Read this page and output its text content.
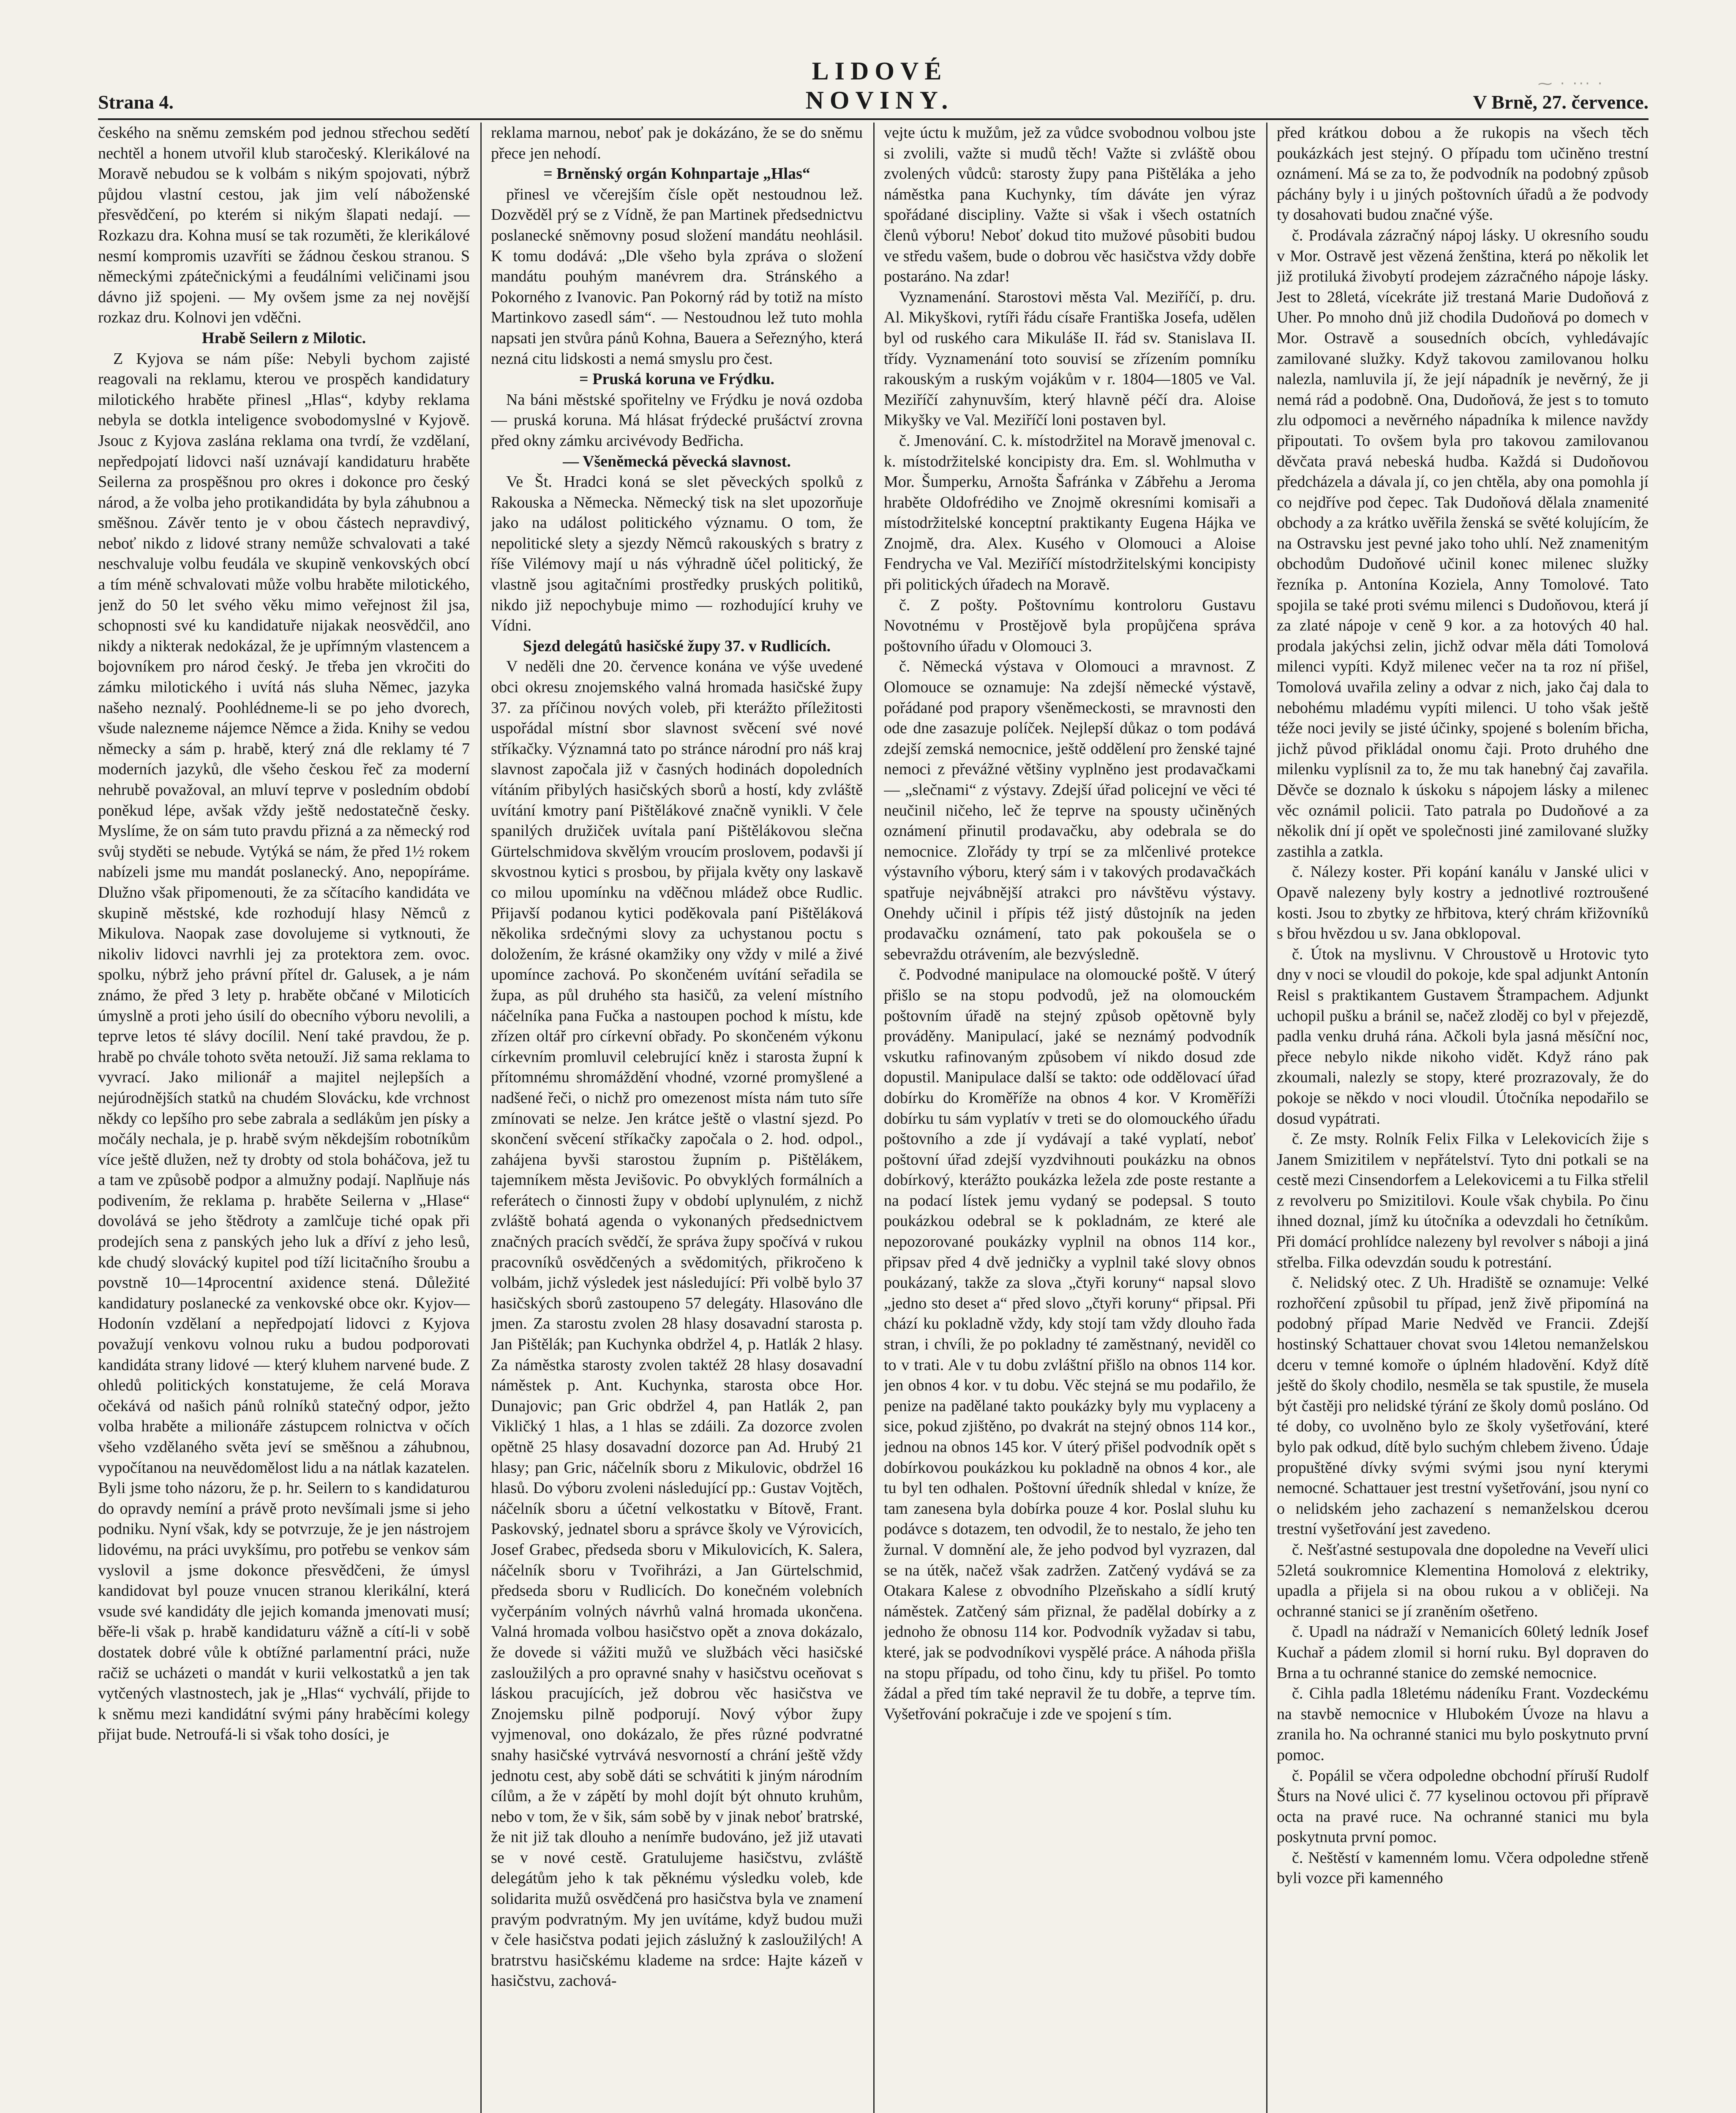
⁓ · ··· ·
Strana 4.
LIDOVÉ NOVINY.	V Brně, 27. července.

českého na sněmu zemském pod jednou střechou sedětí nechtěl a honem utvořil klub staročeský. Klerikálové na Moravě nebudou se k volbám s nikým spojovati, nýbrž půjdou vlastní cestou, jak jim velí náboženské přesvědčení, po kterém si nikým šlapati nedají. — Rozkazu dra. Kohna musí se tak rozuměti, že klerikálové nesmí kompromis uzavříti se žádnou českou stranou. S německými zpátečnickými a feudálními veličinami jsou dávno již spojeni. — My ovšem jsme za nej novější rozkaz dru. Kolnovi jen vděčni.

Hrabě Seilern z Milotic.

Z Kyjova se nám píše: Nebyli bychom zajisté reagovali na reklamu, kterou ve prospěch kandidatury milotického hraběte přinesl „Hlas“, kdyby reklama nebyla se dotkla inteligence svobodomyslné v Kyjově. Jsouc z Kyjova zaslána reklama ona tvrdí, že vzdělaní, nepředpojatí lidovci naší uznávají kandidaturu hraběte Seilerna za prospěšnou pro okres i dokonce pro český národ, a že volba jeho protikandidáta by byla záhubnou a směšnou. Závěr tento je v obou částech nepravdivý, neboť nikdo z lidové strany nemůže schvalovati a také neschvaluje volbu feudála ve skupině venkovských obcí a tím méně schvalovati může volbu hraběte milotického, jenž do 50 let svého věku mimo veřejnost žil jsa, schopnosti své ku kandidatuře nijakak neosvědčil, ano nikdy a nikterak nedokázal, že je upřímným vlastencem a bojovníkem pro národ český. Je třeba jen vkročiti do zámku milotického i uvítá nás sluha Němec, jazyka našeho neznalý. Poohlédneme-li se po jeho dvorech, všude nalezneme nájemce Němce a žida. Knihy se vedou německy a sám p. hrabě, který zná dle reklamy té 7 moderních jazyků, dle všeho českou řeč za moderní nehrubě považoval, an mluví teprve v posledním období poněkud lépe, avšak vždy ještě nedostatečně česky. Myslíme, že on sám tuto pravdu přizná a za německý rod svůj styděti se nebude. Vytýká se nám, že před 1½ rokem nabízeli jsme mu mandát poslanecký. Ano, nepopíráme. Dlužno však připomenouti, že za sčítacího kandidáta ve skupině městské, kde rozhodují hlasy Němců z Mikulova. Naopak zase dovolujeme si vytknouti, že nikoliv lidovci navrhli jej za protektora zem. ovoc. spolku, nýbrž jeho právní přítel dr. Galusek, a je nám známo, že před 3 lety p. hraběte občané v Miloticích úmyslně a proti jeho úsilí do obecního výboru nevolili, a teprve letos té slávy docílil. Není také pravdou, že p. hrabě po chvále tohoto světa netouží. Již sama reklama to vyvrací. Jako milionář a majitel nejlepších a nejúrodnějších statků na chudém Slovácku, kde vrchnost někdy co lepšího pro sebe zabrala a sedlákům jen písky a močály nechala, je p. hrabě svým někdejším robotníkům více ještě dlužen, než ty drobty od stola boháčova, jež tu a tam ve způsobě podpor a almužny podají. Naplňuje nás podivením, že reklama p. hraběte Seilerna v „Hlase“ dovolává se jeho štědroty a zamlčuje tiché opak při prodejích sena z panských jeho luk a dříví z jeho lesů, kde chudý slovácký kupitel pod tíží licitačního šroubu a povstně 10—14procentní axidence stená. Důležité kandidatury poslanecké za venkovské obce okr. Kyjov—Hodonín vzdělaní a nepředpojatí lidovci z Kyjova považují venkovu volnou ruku a budou podporovati kandidáta strany lidové — který kluhem narvené bude. Z ohledů politických konstatujeme, že celá Morava očekává od našich pánů rolníků statečný odpor, ježto volba hraběte a milionáře zástupcem rolnictva v očích všeho vzdělaného světa jeví se směšnou a záhubnou, vypočítanou na neuvědomělost lidu a na nátlak kazatelen. Byli jsme toho názoru, že p. hr. Seilern to s kandidaturou do opravdy nemíní a právě proto nevšímali jsme si jeho podniku. Nyní však, kdy se potvrzuje, že je jen nástrojem lidovému, na práci uvykšímu, pro potřebu se venkov sám vyslovil a jsme dokonce přesvědčeni, že úmysl kandidovat byl pouze vnucen stranou klerikální, která vsude své kandidáty dle jejich komanda jmenovati musí; běře-li však p. hrabě kandidaturu vážně a cítí-li v sobě dostatek dobré vůle k obtížné parlamentní práci, nuže račiž se ucházeti o mandát v kurii velkostatků a jen tak vytčených vlastnostech, jak je „Hlas“ vychválí, přijde to k sněmu mezi kandidátní svými pány hraběcími kolegy přijat bude. Netroufá-li si však toho dosíci, je

reklama marnou, neboť pak je dokázáno, že se do sněmu přece jen nehodí.

= Brněnský orgán Kohnpartaje „Hlas“

přinesl ve včerejším čísle opět nestoudnou lež. Dozvěděl prý se z Vídně, že pan Martinek předsednictvu poslanecké sněmovny posud složení mandátu neohlásil. K tomu dodává: „Dle všeho byla zpráva o složení mandátu pouhým manévrem dra. Stránského a Pokorného z Ivanovic. Pan Pokorný rád by totiž na místo Martinkovo zasedl sám“. — Nestoudnou lež tuto mohla napsati jen stvůra pánů Kohna, Bauera a Seřeznýho, která nezná citu lidskosti a nemá smyslu pro čest.

= Pruská koruna ve Frýdku.

Na báni městské spořitelny ve Frýdku je nová ozdoba — pruská koruna. Má hlásat frýdecké prušáctví zrovna před okny zámku arcivévody Bedřicha.

— Všeněmecká pěvecká slavnost.

Ve Št. Hradci koná se slet pěveckých spolků z Rakouska a Německa. Německý tisk na slet upozorňuje jako na událost politického významu. O tom, že nepolitické slety a sjezdy Němců rakouských s bratry z říše Vilémovy mají u nás výhradně účel politický, že vlastně jsou agitačními prostředky pruských politiků, nikdo již nepochybuje mimo — rozhodující kruhy ve Vídni.

Sjezd delegátů hasičské župy 37. v Rudlicích.

V neděli dne 20. července konána ve výše uvedené obci okresu znojemského valná hromada hasičské župy 37. za příčinou nových voleb, při kterážto příležitosti uspořádal místní sbor slavnost svěcení své nové stříkačky. Významná tato po stránce národní pro náš kraj slavnost započala již v časných hodinách dopoledních vítáním přibylých hasičských sborů a hostí, kdy zvláště uvítání kmotry paní Pištělákové značně vynikli. V čele spanilých družiček uvítala paní Pištělákovou slečna Gürtelschmidova skvělým vroucím proslovem, podavši jí skvostnou kytici s prosbou, by přijala květy ony laskavě co milou upomínku na vděčnou mládež obce Rudlic. Přijavší podanou kytici poděkovala paní Pištěláková několika srdečnými slovy za uchystanou poctu s doložením, že krásné okamžiky ony vždy v milé a živé upomínce zachová. Po skončeném uvítání seřadila se župa, as půl druhého sta hasičů, za velení místního náčelníka pana Fučka a nastoupen pochod k místu, kde zřízen oltář pro církevní obřady. Po skončeném výkonu církevním promluvil celebrující kněz i starosta župní k přítomnému shromáždění vhodné, vzorné promyšlené a nadšené řeči, o nichž pro omezenost místa nám tuto síře zmínovati se nelze. Jen krátce ještě o vlastní sjezd. Po skončení svěcení stříkačky započala o 2. hod. odpol., zahájena byvši starostou župním p. Pištělákem, tajemníkem města Jevišovic. Po obvyklých formálních a referátech o činnosti župy v období uplynulém, z nichž zvláště bohatá agenda o vykonaných předsednictvem značných pracích svědčí, že správa župy spočívá v rukou pracovníků osvědčených a svědomitých, přikročeno k volbám, jichž výsledek jest následující: Při volbě bylo 37 hasičských sborů zastoupeno 57 delegáty. Hlasováno dle jmen. Za starostu zvolen 28 hlasy dosavadní starosta p. Jan Pištělák; pan Kuchynka obdržel 4, p. Hatlák 2 hlasy. Za náměstka starosty zvolen taktéž 28 hlasy dosavadní náměstek p. Ant. Kuchynka, starosta obce Hor. Dunajovic; pan Gric obdržel 4, pan Hatlák 2, pan Vikličký 1 hlas, a 1 hlas se zdáili. Za dozorce zvolen opětně 25 hlasy dosavadní dozorce pan Ad. Hrubý 21 hlasy; pan Gric, náčelník sboru z Mikulovic, obdržel 16 hlasů. Do výboru zvoleni následující pp.: Gustav Vojtěch, náčelník sboru a účetní velkostatku v Bítově, Frant. Paskovský, jednatel sboru a správce školy ve Výrovicích, Josef Grabec, předseda sboru v Mikulovicích, K. Salera, náčelník sboru v Tvořihrázi, a Jan Gürtelschmid, předseda sboru v Rudlicích. Do konečném volebních vyčerpáním volných návrhů valná hromada ukončena. Valná hromada volbou hasičstvo opět a znova dokázalo, že dovede si vážiti mužů ve službách věci hasičské zasloužilých a pro opravné snahy v hasičstvu oceňovat s láskou pracujících, jež dobrou věc hasičstva ve Znojemsku pilně podporují. Nový výbor župy vyjmenoval, ono dokázalo, že přes různé podvratné snahy hasičské vytrvává nesvorností a chrání ještě vždy jednotu cest, aby sobě dáti se schvátiti k jiným národním cílům, a že v zápětí by mohl dojít být ohnuto kruhům, nebo v tom, že v šik, sám sobě by v jinak neboť bratrské, že nit již tak dlouho a nenímře budováno, jež již utavati se v nové cestě. Gratulujeme hasičstvu, zvláště delegátům jeho k tak pěknému výsledku voleb, kde solidarita mužů osvědčená pro hasičstva byla ve znamení pravým podvratným. My jen uvítáme, když budou muži v čele hasičstva podati jejich záslužný k zasloužilých! A bratrstvu hasičskému klademe na srdce: Hajte kázeň v hasičstvu, zachová-

vejte úctu k mužům, jež za vůdce svobodnou volbou jste si zvolili, važte si mudů těch! Važte si zvláště obou zvolených vůdců: starosty župy pana Pištěláka a jeho náměstka pana Kuchynky, tím dáváte jen výraz spořádané discipliny. Važte si však i všech ostatních členů výboru! Neboť dokud tito mužové působiti budou ve středu vašem, bude o dobrou věc hasičstva vždy dobře postaráno. Na zdar!

Vyznamenání. Starostovi města Val. Meziříčí, p. dru. Al. Mikyškovi, rytíři řádu císaře Františka Josefa, udělen byl od ruského cara Mikuláše II. řád sv. Stanislava II. třídy. Vyznamenání toto souvisí se zřízením pomníku rakouským a ruským vojákům v r. 1804—1805 ve Val. Meziříčí zahynuvším, který hlavně péčí dra. Aloise Mikyšky ve Val. Meziříčí loni postaven byl.

č. Jmenování. C. k. místodržitel na Moravě jmenoval c. k. místodržitelské koncipisty dra. Em. sl. Wohlmutha v Mor. Šumperku, Arnošta Šafránka v Zábřehu a Jeroma hraběte Oldofrédiho ve Znojmě okresními komisaři a místodržitelské konceptní praktikanty Eugena Hájka ve Znojmě, dra. Alex. Kusého v Olomouci a Aloise Fendrycha ve Val. Meziříčí místodržitelskými koncipisty při politických úřadech na Moravě.

č. Z pošty. Poštovnímu kontroloru Gustavu Novotnému v Prostějově byla propůjčena správa poštovního úřadu v Olomouci 3.

č. Německá výstava v Olomouci a mravnost. Z Olomouce se oznamuje: Na zdejší německé výstavě, pořádané pod prapory všeněmeckosti, se mravnosti den ode dne zasazuje políček. Nejlepší důkaz o tom podává zdejší zemská nemocnice, ještě oddělení pro ženské tajné nemoci z převážné většiny vyplněno jest prodavačkami — „slečnami“ z výstavy. Zdejší úřad policejní ve věci té neučinil ničeho, leč že teprve na spousty učiněných oznámení přinutil prodavačku, aby odebrala se do nemocnice. Zlořády ty trpí se za mlčenlivé protekce výstavního výboru, který sám i v takových prodavačkách spatřuje nejvábnější atrakci pro návštěvu výstavy. Onehdy učinil i přípis též jistý důstojník na jeden prodavačku oznámení, tato pak pokoušela se o sebevraždu otrávením, ale bezvýsledně.

č. Podvodné manipulace na olomoucké poště. V úterý přišlo se na stopu podvodů, jež na olomouckém poštovním úřadě na stejný způsob opětovně byly prováděny. Manipulací, jaké se neznámý podvodník vskutku rafinovaným způsobem ví nikdo dosud zde dopustil. Manipulace další se takto: ode oddělovací úřad dobírku do Kroměříže na obnos 4 kor. V Kroměříži dobírku tu sám vyplatív v treti se do olomouckého úřadu poštovního a zde jí vydávají a také vyplatí, neboť poštovní úřad zdejší vyzdvihnouti poukázku na obnos dobírkový, kterážto poukázka ležela zde poste restante a na podací lístek jemu vydaný se podepsal. S touto poukázkou odebral se k pokladnám, ze které ale nepozorované poukázky vyplnil na obnos 114 kor., připsav před 4 dvě jedničky a vyplnil také slovy obnos poukázaný, takže za slova „čtyři koruny“ napsal slovo „jedno sto deset a“ před slovo „čtyři koruny“ připsal. Při chází ku pokladně vždy, kdy stojí tam vždy dlouho řada stran, i chvíli, že po pokladny té zaměstnaný, neviděl co to v trati. Ale v tu dobu zvláštní přišlo na obnos 114 kor. jen obnos 4 kor. v tu dobu. Věc stejná se mu podařilo, že penize na padělané takto poukázky byly mu vyplaceny a sice, pokud zjištěno, po dvakrát na stejný obnos 114 kor., jednou na obnos 145 kor. V úterý přišel podvodník opět s dobírkovou poukázkou ku pokladně na obnos 4 kor., ale tu byl ten odhalen. Poštovní úředník shledal v kníze, že tam zanesena byla dobírka pouze 4 kor. Poslal sluhu ku podávce s dotazem, ten odvodil, že to nestalo, že jeho ten žurnal. V domnění ale, že jeho podvod byl vyzrazen, dal se na útěk, načež však zadržen. Zatčený vydává se za Otakara Kalese z obvodního Plzeňskaho a sídlí krutý náměstek. Zatčený sám přiznal, že padělal dobírky a z jednoho že obnosu 114 kor. Podvodník vyžadav si tabu, které, jak se podvodníkovi vyspělé práce. A náhoda přišla na stopu případu, od toho činu, kdy tu přišel. Po tomto žádal a před tím také nepravil že tu dobře, a teprve tím. Vyšetřování pokračuje i zde ve spojení s tím.

před krátkou dobou a že rukopis na všech těch poukázkách jest stejný. O případu tom učiněno trestní oznámení. Má se za to, že podvodník na podobný způsob páchány byly i u jiných poštovních úřadů a že podvody ty dosahovati budou značné výše.

č. Prodávala zázračný nápoj lásky. U okresního soudu v Mor. Ostravě jest vězená ženština, která po několik let již protiluká živobytí prodejem zázračného nápoje lásky. Jest to 28letá, vícekráte již trestaná Marie Dudoňová z Uher. Po mnoho dnů již chodila Dudoňová po domech v Mor. Ostravě a sousedních obcích, vyhledávajíc zamilované služky. Když takovou zamilovanou holku nalezla, namluvila jí, že její nápadník je nevěrný, že ji nemá rád a podobně. Ona, Dudoňová, že jest s to tomuto zlu odpomoci a nevěrného nápadníka k milence navždy připoutati. To ovšem byla pro takovou zamilovanou děvčata pravá nebeská hudba. Každá si Dudoňovou předcházela a dávala jí, co jen chtěla, aby ona pomohla jí co nejdříve pod čepec. Tak Dudoňová dělala znamenité obchody a za krátko uvěřila ženská se světé kolujícím, že na Ostravsku jest pevné jako toho uhlí. Než znamenitým obchodům Dudoňové učinil konec milenec služky řezníka p. Antonína Koziela, Anny Tomolové. Tato spojila se také proti svému milenci s Dudoňovou, která jí za zlaté nápoje v ceně 9 kor. a za hotových 40 hal. prodala jakýchsi zelin, jichž odvar měla dáti Tomolová milenci vypíti. Když milenec večer na ta roz ní přišel, Tomolová uvařila zeliny a odvar z nich, jako čaj dala to nebohému mladému vypíti milenci. U toho však ještě téže noci jevily se jisté účinky, spojené s bolením břicha, jichž původ přikládal onomu čaji. Proto druhého dne milenku vyplísnil za to, že mu tak hanebný čaj zavařila. Děvče se doznalo k úskoku s nápojem lásky a milenec věc oznámil policii. Tato patrala po Dudoňové a za několik dní jí opět ve společnosti jiné zamilované služky zastihla a zatkla.

č. Nálezy koster. Při kopání kanálu v Janské ulici v Opavě nalezeny byly kostry a jednotlivé roztroušené kosti. Jsou to zbytky ze hřbitova, který chrám křižovníků s břou hvězdou u sv. Jana obklopoval.

č. Útok na myslivnu. V Chroustově u Hrotovic tyto dny v noci se vloudil do pokoje, kde spal adjunkt Antonín Reisl s praktikantem Gustavem Štrampachem. Adjunkt uchopil pušku a bránil se, načež zloděj co byl v přejezdě, padla venku druhá rána. Ačkoli byla jasná měsíční noc, přece nebylo nikde nikoho vidět. Když ráno pak zkoumali, nalezly se stopy, které prozrazovaly, že do pokoje se někdo v noci vloudil. Útočníka nepodařilo se dosud vypátrati.

č. Ze msty. Rolník Felix Filka v Lelekovicích žije s Janem Smizitilem v nepřátelství. Tyto dni potkali se na cestě mezi Cinsendorfem a Lelekovicemi a tu Filka střelil z revolveru po Smizitilovi. Koule však chybila. Po činu ihned doznal, jímž ku útočníka a odevzdali ho četníkům. Při domácí prohlídce nalezeny byl revolver s náboji a jiná střelba. Filka odevzdán soudu k potrestání.

č. Nelidský otec. Z Uh. Hradiště se oznamuje: Velké rozhořčení způsobil tu případ, jenž živě připomíná na podobný případ Marie Nedvěd ve Francii. Zdejší hostinský Schattauer chovat svou 14letou nemanželskou dceru v temné komoře o úplném hladovění. Když dítě ještě do školy chodilo, nesměla se tak spustile, že musela být častěji pro nelidské týrání ze školy domů posláno. Od té doby, co uvolněno bylo ze školy vyšetřování, které bylo pak odkud, dítě bylo suchým chlebem živeno. Údaje propuštěné dívky svými svými jsou nyní kterymi nemocné. Schattauer jest trestní vyšetřování, jsou nyní co o nelidském jeho zachazení s nemanželskou dcerou trestní vyšetřování jest zavedeno.

č. Nešťastné sestupovala dne dopoledne na Veveří ulici 52letá soukromnice Klementina Homolová z elektriky, upadla a přijela si na obou rukou a v obličeji. Na ochranné stanici se jí zraněním ošetřeno.

č. Upadl na nádraží v Nemanicích 60letý ledník Josef Kuchař a pádem zlomil si horní ruku. Byl dopraven do Brna a tu ochranné stanice do zemské nemocnice.

č. Cihla padla 18letému nádeníku Frant. Vozdeckému na stavbě nemocnice v Hlubokém Úvoze na hlavu a zranila ho. Na ochranné stanici mu bylo poskytnuto první pomoc.

č. Popálil se včera odpoledne obchodní příruší Rudolf Šturs na Nové ulici č. 77 kyselinou octovou při přípravě octa na pravé ruce. Na ochranné stanici mu byla poskytnuta první pomoc.

č. Neštěstí v kamenném lomu. Včera odpoledne střeně byli vozce při kamenného
